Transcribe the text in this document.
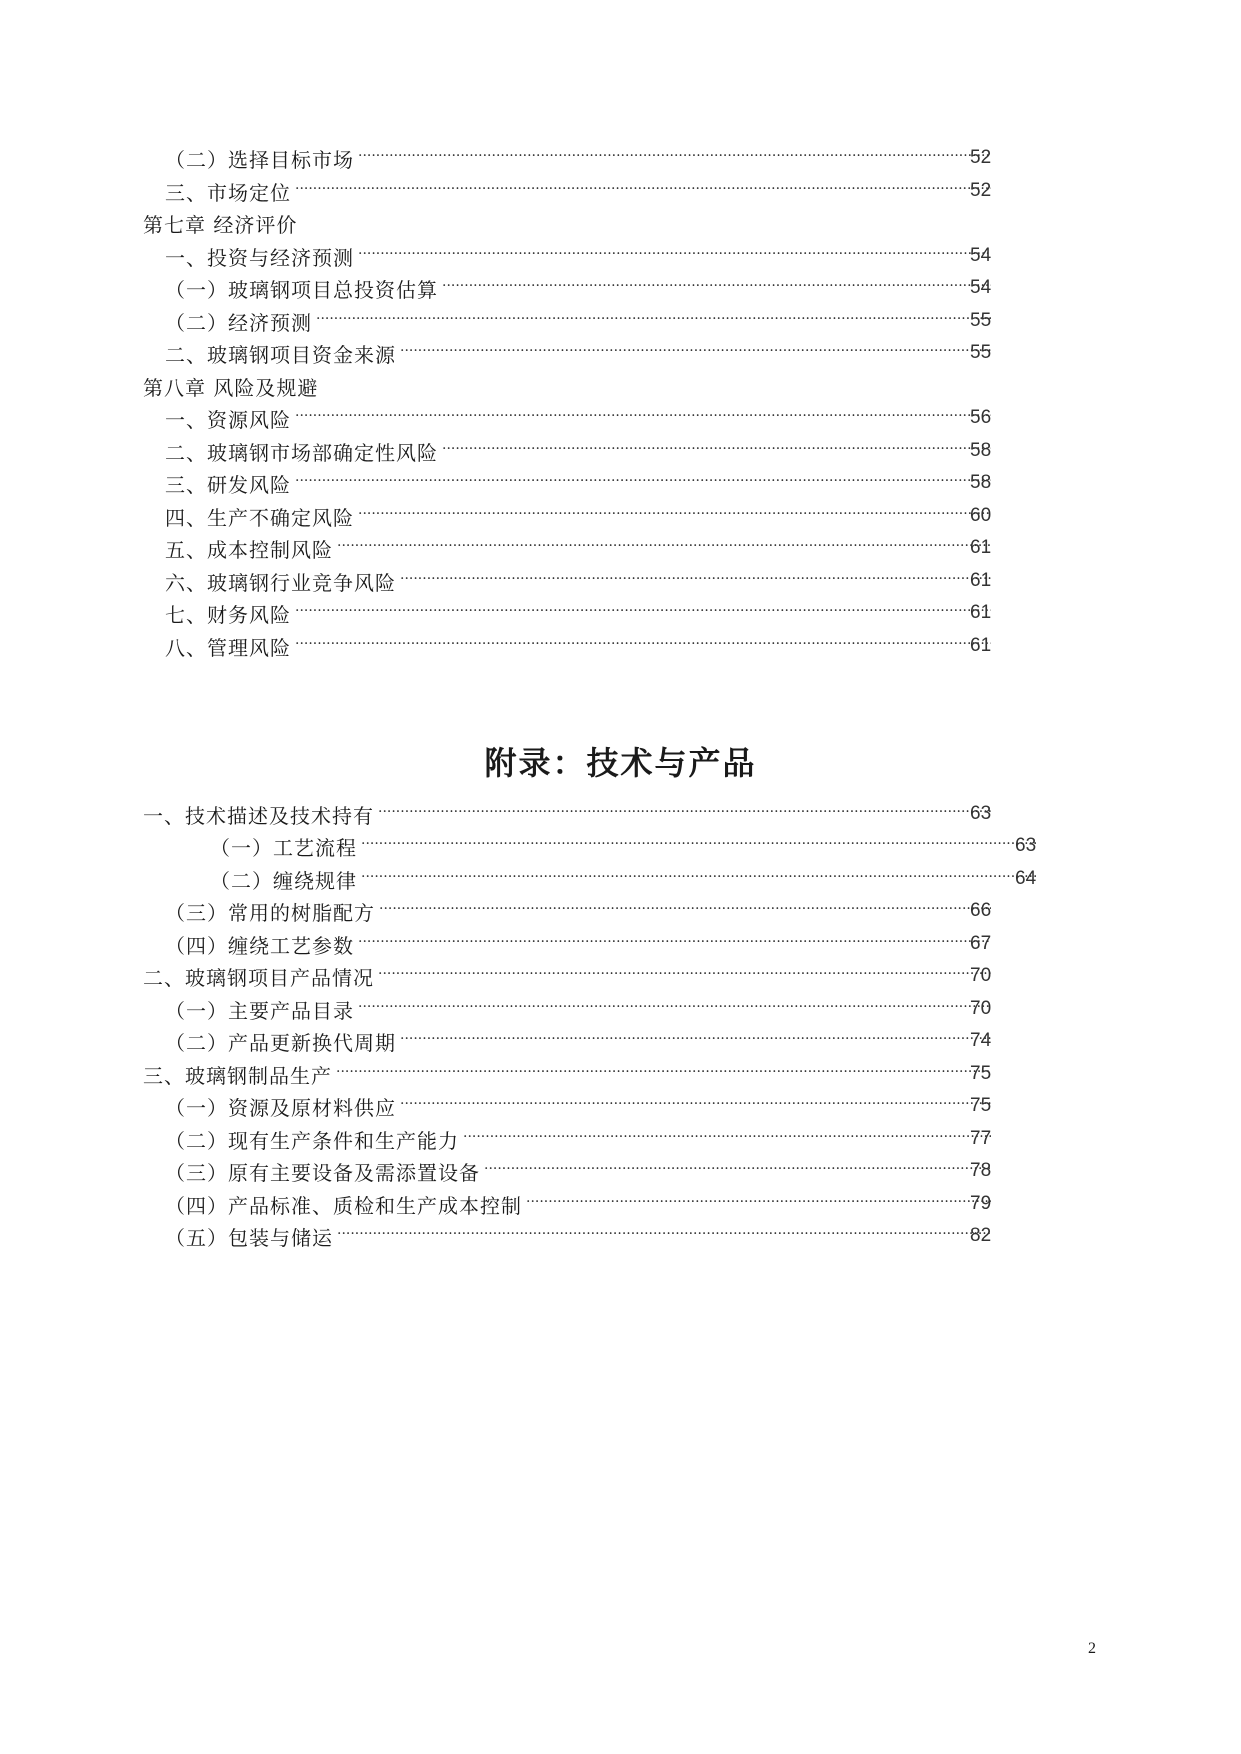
（二）选择目标市场 ·····	52
三、市场定位 ·····	52
第七章 经济评价
一、投资与经济预测 ·····	54
（一）玻璃钢项目总投资估算 ·····	54
（二）经济预测 ·····	55
二、玻璃钢项目资金来源 ·····	55
第八章 风险及规避
一、资源风险 ·····	56
二、玻璃钢市场部确定性风险 ·····	58
三、研发风险 ·····	58
四、生产不确定风险 ·····	60
五、成本控制风险 ·····	61
六、玻璃钢行业竞争风险 ·····	61
七、财务风险 ·····	61
八、管理风险 ·····	61
附录：技术与产品
一、技术描述及技术持有 ·····	63
（一）工艺流程 ·····	63
（二）缠绕规律 ·····	64
（三）常用的树脂配方 ·····	66
（四）缠绕工艺参数 ·····	67
二、玻璃钢项目产品情况 ·····	70
（一）主要产品目录 ·····	70
（二）产品更新换代周期 ·····	74
三、玻璃钢制品生产 ·····	75
（一）资源及原材料供应 ·····	75
（二）现有生产条件和生产能力 ·····	77
（三）原有主要设备及需添置设备 ·····	78
（四）产品标准、质检和生产成本控制 ·····	79
（五）包装与储运 ·····	82
2
